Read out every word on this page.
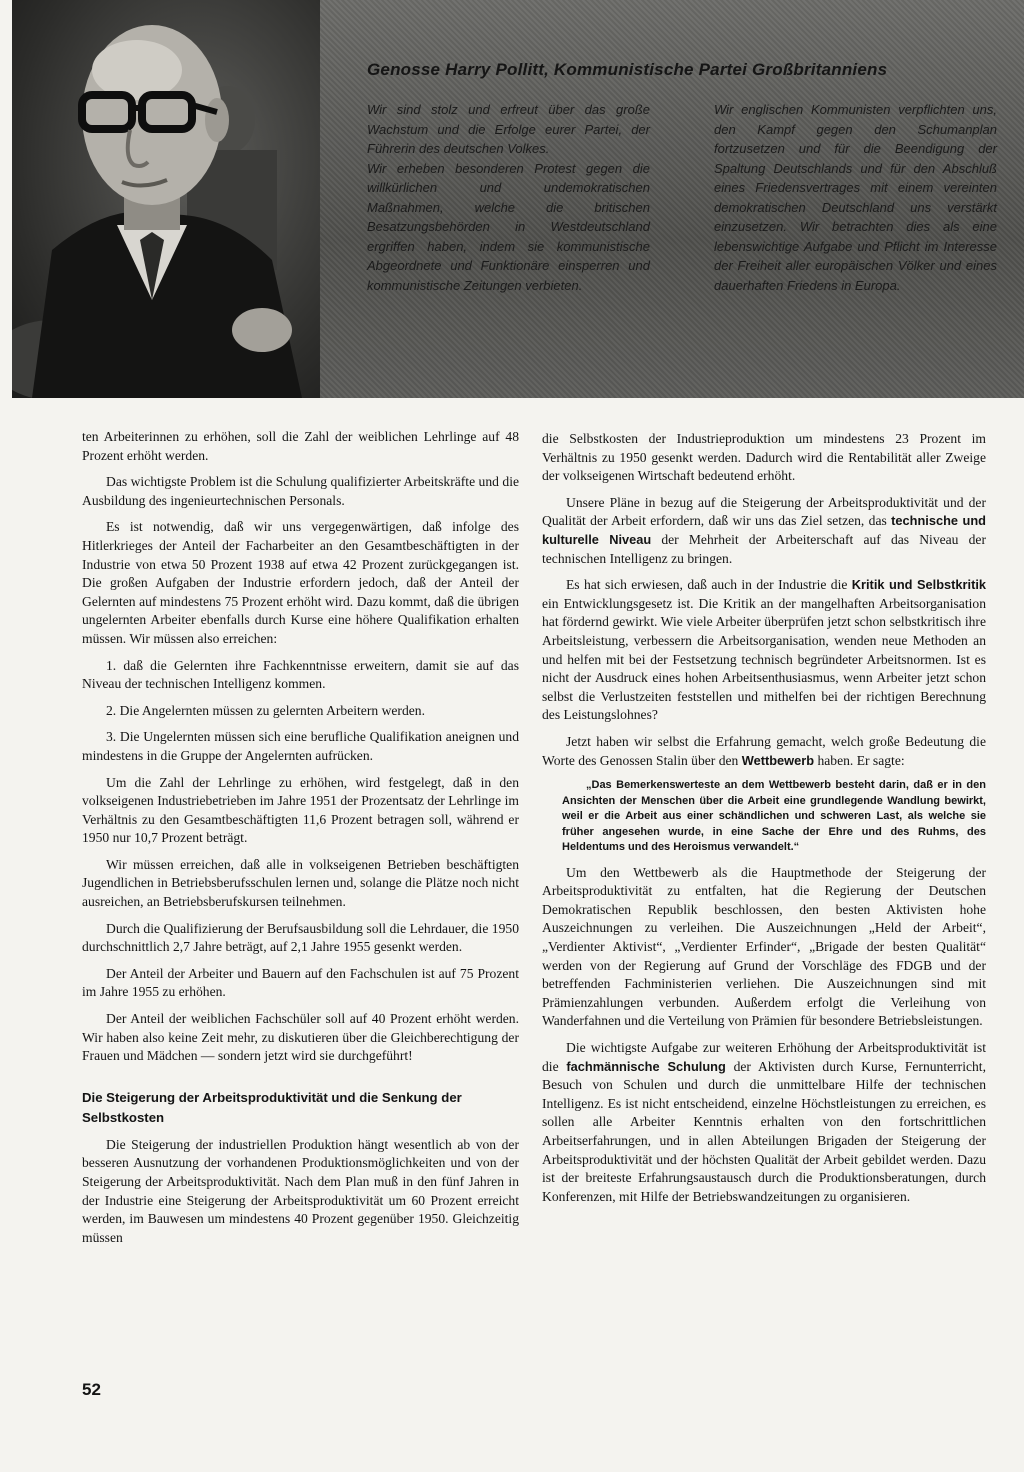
Genosse Harry Pollitt, Kommunistische Partei Großbritanniens

Wir sind stolz und erfreut über das große Wachstum und die Erfolge eurer Partei, der Führerin des deutschen Volkes.

Wir erheben besonderen Protest gegen die willkürlichen und undemokratischen Maßnahmen, welche die britischen Besatzungsbehörden in Westdeutschland ergriffen haben, indem sie kommunistische Abgeordnete und Funktionäre einsperren und kommunistische Zeitungen verbieten.

Wir englischen Kommunisten verpflichten uns, den Kampf gegen den Schumanplan fortzusetzen und für die Beendigung der Spaltung Deutschlands und für den Abschluß eines Friedensvertrages mit einem vereinten demokratischen Deutschland uns verstärkt einzusetzen. Wir betrachten dies als eine lebenswichtige Aufgabe und Pflicht im Interesse der Freiheit aller europäischen Völker und eines dauerhaften Friedens in Europa.

ten Arbeiterinnen zu erhöhen, soll die Zahl der weiblichen Lehrlinge auf 48 Prozent erhöht werden.

Das wichtigste Problem ist die Schulung qualifizierter Arbeitskräfte und die Ausbildung des ingenieurtechnischen Personals.

Es ist notwendig, daß wir uns vergegenwärtigen, daß infolge des Hitlerkrieges der Anteil der Facharbeiter an den Gesamtbeschäftigten in der Industrie von etwa 50 Prozent 1938 auf etwa 42 Prozent zurückgegangen ist. Die großen Aufgaben der Industrie erfordern jedoch, daß der Anteil der Gelernten auf mindestens 75 Prozent erhöht wird. Dazu kommt, daß die übrigen ungelernten Arbeiter ebenfalls durch Kurse eine höhere Qualifikation erhalten müssen. Wir müssen also erreichen:

1. daß die Gelernten ihre Fachkenntnisse erweitern, damit sie auf das Niveau der technischen Intelligenz kommen.
2. Die Angelernten müssen zu gelernten Arbeitern werden.
3. Die Ungelernten müssen sich eine berufliche Qualifikation aneignen und mindestens in die Gruppe der Angelernten aufrücken.

Um die Zahl der Lehrlinge zu erhöhen, wird festgelegt, daß in den volkseigenen Industriebetrieben im Jahre 1951 der Prozentsatz der Lehrlinge im Verhältnis zu den Gesamtbeschäftigten 11,6 Prozent betragen soll, während er 1950 nur 10,7 Prozent beträgt.

Wir müssen erreichen, daß alle in volkseigenen Betrieben beschäftigten Jugendlichen in Betriebsberufsschulen lernen und, solange die Plätze noch nicht ausreichen, an Betriebsberufskursen teilnehmen.

Durch die Qualifizierung der Berufsausbildung soll die Lehrdauer, die 1950 durchschnittlich 2,7 Jahre beträgt, auf 2,1 Jahre 1955 gesenkt werden.

Der Anteil der Arbeiter und Bauern auf den Fachschulen ist auf 75 Prozent im Jahre 1955 zu erhöhen.

Der Anteil der weiblichen Fachschüler soll auf 40 Prozent erhöht werden. Wir haben also keine Zeit mehr, zu diskutieren über die Gleichberechtigung der Frauen und Mädchen — sondern jetzt wird sie durchgeführt!

Die Steigerung der Arbeitsproduktivität und die Senkung der Selbstkosten

Die Steigerung der industriellen Produktion hängt wesentlich ab von der besseren Ausnutzung der vorhandenen Produktionsmöglichkeiten und von der Steigerung der Arbeitsproduktivität. Nach dem Plan muß in den fünf Jahren in der Industrie eine Steigerung der Arbeitsproduktivität um 60 Prozent erreicht werden, im Bauwesen um mindestens 40 Prozent gegenüber 1950. Gleichzeitig müssen

die Selbstkosten der Industrieproduktion um mindestens 23 Prozent im Verhältnis zu 1950 gesenkt werden. Dadurch wird die Rentabilität aller Zweige der volkseigenen Wirtschaft bedeutend erhöht.

Unsere Pläne in bezug auf die Steigerung der Arbeitsproduktivität und der Qualität der Arbeit erfordern, daß wir uns das Ziel setzen, das technische und kulturelle Niveau der Mehrheit der Arbeiterschaft auf das Niveau der technischen Intelligenz zu bringen.

Es hat sich erwiesen, daß auch in der Industrie die Kritik und Selbstkritik ein Entwicklungsgesetz ist. Die Kritik an der mangelhaften Arbeitsorganisation hat fördernd gewirkt. Wie viele Arbeiter überprüfen jetzt schon selbstkritisch ihre Arbeitsleistung, verbessern die Arbeitsorganisation, wenden neue Methoden an und helfen mit bei der Festsetzung technisch begründeter Arbeitsnormen. Ist es nicht der Ausdruck eines hohen Arbeitsenthusiasmus, wenn Arbeiter jetzt schon selbst die Verlustzeiten feststellen und mithelfen bei der richtigen Berechnung des Leistungslohnes?

Jetzt haben wir selbst die Erfahrung gemacht, welch große Bedeutung die Worte des Genossen Stalin über den Wettbewerb haben. Er sagte:

„Das Bemerkenswerteste an dem Wettbewerb besteht darin, daß er in den Ansichten der Menschen über die Arbeit eine grundlegende Wandlung bewirkt, weil er die Arbeit aus einer schändlichen und schweren Last, als welche sie früher angesehen wurde, in eine Sache der Ehre und des Ruhms, des Heldentums und des Heroismus verwandelt.“

Um den Wettbewerb als die Hauptmethode der Steigerung der Arbeitsproduktivität zu entfalten, hat die Regierung der Deutschen Demokratischen Republik beschlossen, den besten Aktivisten hohe Auszeichnungen zu verleihen. Die Auszeichnungen „Held der Arbeit“, „Verdienter Aktivist“, „Verdienter Erfinder“, „Brigade der besten Qualität“ werden von der Regierung auf Grund der Vorschläge des FDGB und der betreffenden Fachministerien verliehen. Die Auszeichnungen sind mit Prämienzahlungen verbunden. Außerdem erfolgt die Verleihung von Wanderfahnen und die Verteilung von Prämien für besondere Betriebsleistungen.

Die wichtigste Aufgabe zur weiteren Erhöhung der Arbeitsproduktivität ist die fachmännische Schulung der Aktivisten durch Kurse, Fernunterricht, Besuch von Schulen und durch die unmittelbare Hilfe der technischen Intelligenz. Es ist nicht entscheidend, einzelne Höchstleistungen zu erreichen, es sollen alle Arbeiter Kenntnis erhalten von den fortschrittlichen Arbeitserfahrungen, und in allen Abteilungen Brigaden der Steigerung der Arbeitsproduktivität und der höchsten Qualität der Arbeit gebildet werden. Dazu ist der breiteste Erfahrungsaustausch durch die Produktionsberatungen, durch Konferenzen, mit Hilfe der Betriebswandzeitungen zu organisieren.

52
